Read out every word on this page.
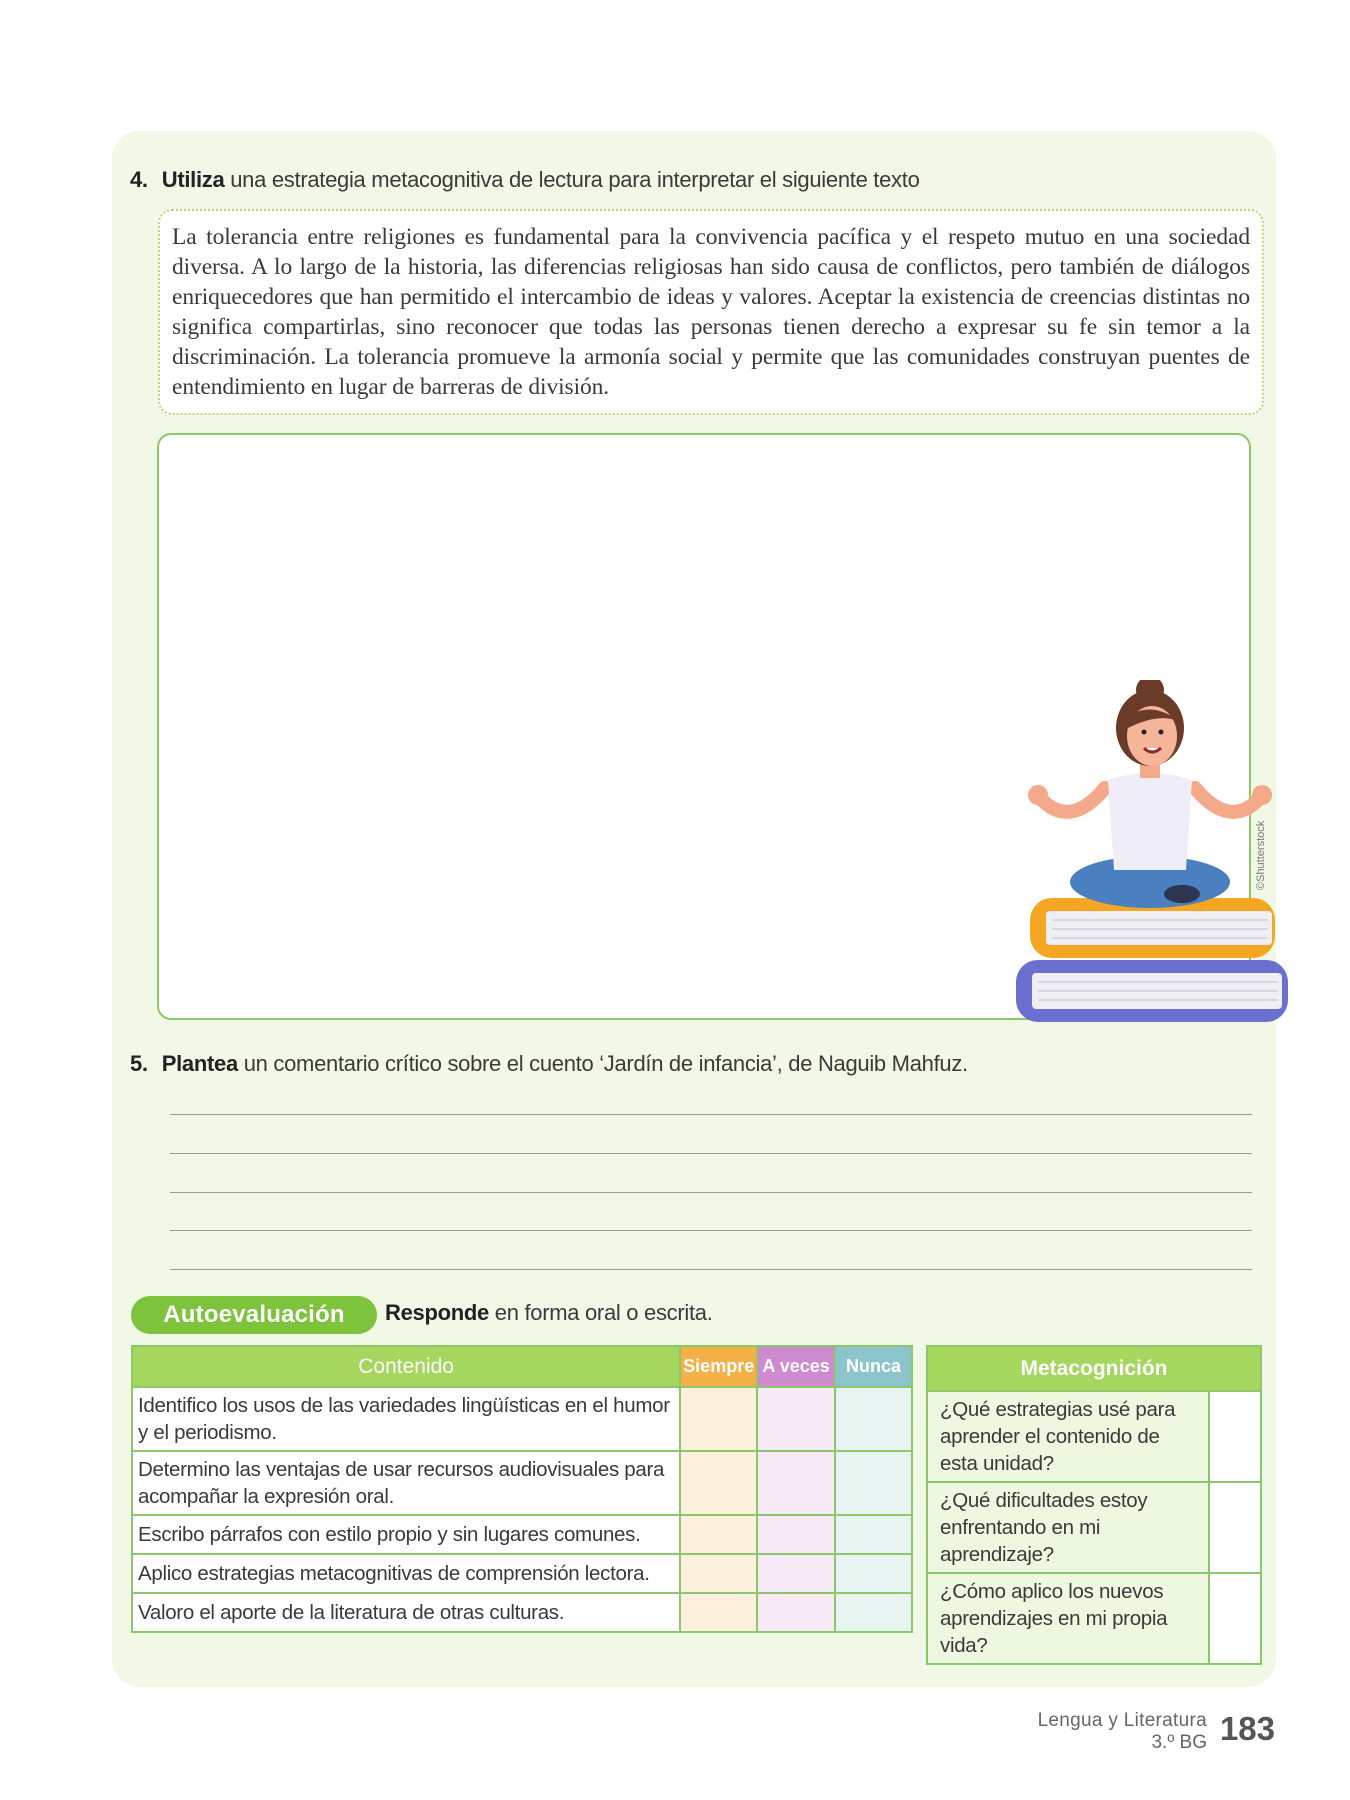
4. Utiliza una estrategia metacognitiva de lectura para interpretar el siguiente texto

La tolerancia entre religiones es fundamental para la convivencia pacífica y el respeto mutuo en una sociedad diversa. A lo largo de la historia, las diferencias religiosas han sido causa de conflictos, pero también de diálogos enriquecedores que han permitido el intercambio de ideas y valores. Aceptar la existencia de creencias distintas no significa compartirlas, sino reconocer que todas las personas tienen derecho a expresar su fe sin temor a la discriminación. La tolerancia promueve la armonía social y permite que las comunidades construyan puentes de entendimiento en lugar de barreras de división.

©Shutterstock
5. Plantea un comentario crítico sobre el cuento ‘Jardín de infancia’, de Naguib Mahfuz.
Autoevaluación Responde en forma oral o escrita.
Contenido	Siempre	A veces	Nunca
Identifico los usos de las variedades lingüísticas en el humor y el periodismo.			
Determino las ventajas de usar recursos audiovisuales para acompañar la expresión oral.			
Escribo párrafos con estilo propio y sin lugares comunes.			
Aplico estrategias metacognitivas de comprensión lectora.			
Valoro el aporte de la literatura de otras culturas.			
Metacognición	
¿Qué estrategias usé para aprender el contenido de esta unidad?	
¿Qué dificultades estoy enfrentando en mi aprendizaje?	
¿Cómo aplico los nuevos aprendizajes en mi propia vida?	
Lengua y Literatura
3.º BG 183
